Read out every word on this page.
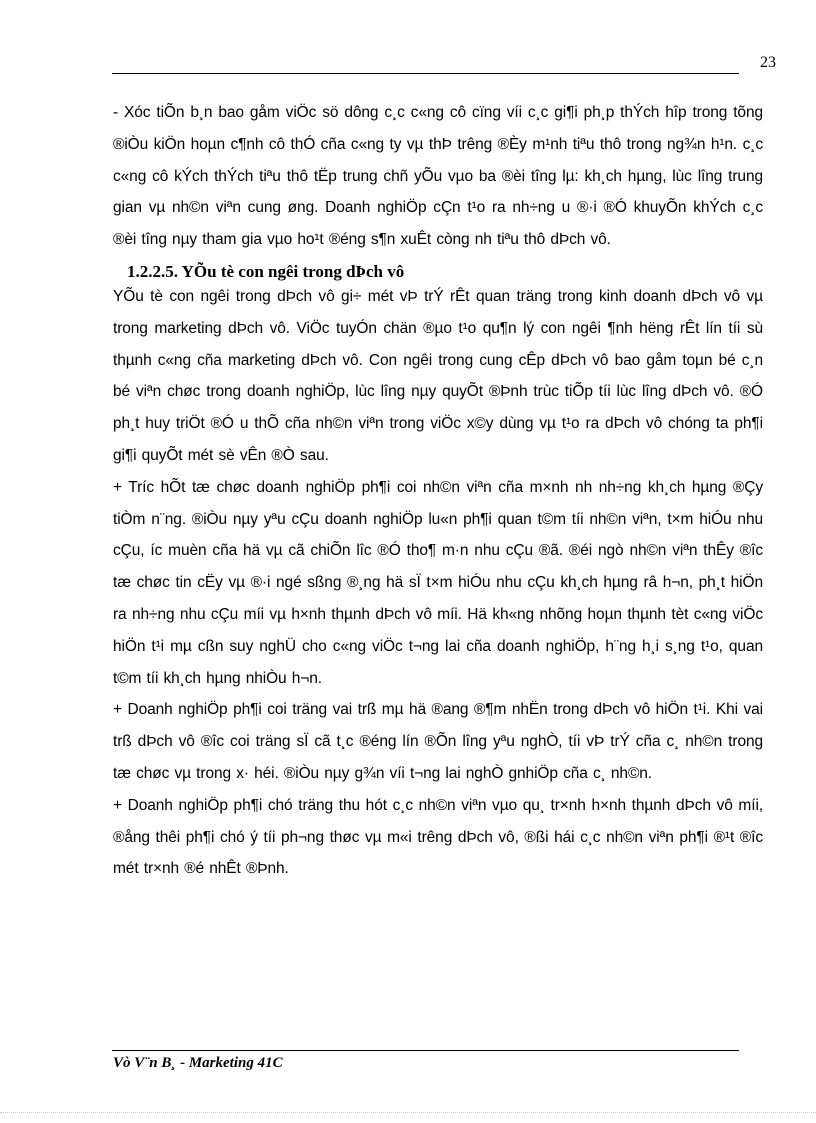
23

- Xóc tiÕn b¸n bao gåm viÖc sö dông c¸c c«ng cô cïng víi c¸c gi¶i ph¸p thÝch hîp trong tõng ®iÒu kiÖn hoµn c¶nh cô thÓ cña c«ng ty vµ thÞ trêng ®Èy m¹nh tiªu thô trong ng¾n h¹n. c¸c c«ng cô kÝch thÝch tiªu thô tËp trung chñ yÕu vµo ba ®èi tîng lµ: kh¸ch hµng, lùc lîng trung gian vµ nh©n viªn cung øng. Doanh nghiÖp cÇn t¹o ra nh÷ng u ®·i ®Ó khuyÕn khÝch c¸c ®èi tîng nµy tham gia vµo ho¹t ®éng s¶n xuÊt còng nh tiªu thô dÞch vô.

1.2.2.5. YÕu tè con ngêi trong dÞch vô

YÕu tè con ngêi trong dÞch vô gi÷ mét vÞ trÝ rÊt quan träng trong kinh doanh dÞch vô vµ trong marketing dÞch vô. ViÖc tuyÓn chän ®µo t¹o qu¶n lý con ngêi ¶nh hëng rÊt lín tíi sù thµnh c«ng cña marketing dÞch vô. Con ngêi trong cung cÊp dÞch vô bao gåm toµn bé c¸n bé viªn chøc trong doanh nghiÖp, lùc lîng nµy quyÕt ®Þnh trùc tiÕp tíi lùc lîng dÞch vô. ®Ó ph¸t huy triÖt ®Ó u thÕ cña nh©n viªn trong viÖc x©y dùng vµ t¹o ra dÞch vô chóng ta ph¶i gi¶i quyÕt mét sè vÊn ®Ò sau.

+ Tríc hÕt tæ chøc doanh nghiÖp ph¶i coi nh©n viªn cña m×nh nh nh÷ng kh¸ch hµng ®Çy tiÒm n¨ng. ®iÒu nµy yªu cÇu doanh nghiÖp lu«n ph¶i quan t©m tíi nh©n viªn, t×m hiÓu nhu cÇu, íc muèn cña hä vµ cã chiÕn lîc ®Ó tho¶ m·n nhu cÇu ®ã. ®éi ngò nh©n viªn thÊy ®îc tæ chøc tin cËy vµ ®·i ngé sßng ®¸ng hä sÏ t×m hiÓu nhu cÇu kh¸ch hµng râ h¬n, ph¸t hiÖn ra nh÷ng nhu cÇu míi vµ h×nh thµnh dÞch vô míi. Hä kh«ng nhõng hoµn thµnh tèt c«ng viÖc hiÖn t¹i mµ cßn suy nghÜ cho c«ng viÖc t¬ng lai cña doanh nghiÖp, h¨ng h¸i s¸ng t¹o, quan t©m tíi kh¸ch hµng nhiÒu h¬n.

+ Doanh nghiÖp ph¶i coi träng vai trß mµ hä ®ang ®¶m nhËn trong dÞch vô hiÖn t¹i. Khi vai trß dÞch vô ®îc coi träng sÏ cã t¸c ®éng lín ®Õn lîng yªu nghÒ, tíi vÞ trÝ cña c¸ nh©n trong tæ chøc vµ trong x· héi. ®iÒu nµy g¾n víi t¬ng lai nghÒ gnhiÖp cña c¸ nh©n.

+ Doanh nghiÖp ph¶i chó träng thu hót c¸c nh©n viªn vµo qu¸ tr×nh h×nh thµnh dÞch vô míi, ®ång thêi ph¶i chó ý tíi ph¬ng thøc vµ m«i trêng dÞch vô, ®ßi hái c¸c nh©n viªn ph¶i ®¹t ®îc mét tr×nh ®é nhÊt ®Þnh.

Vò V¨n B¸ - Marketing 41C
